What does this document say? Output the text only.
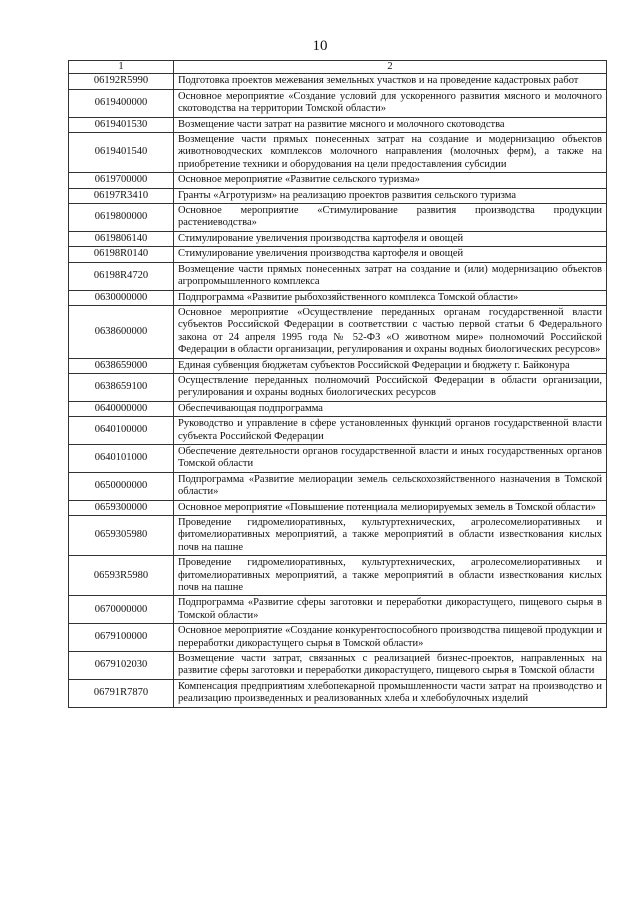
10
1	2
06192R5990	Подготовка проектов межевания земельных участков и на проведение кадастровых работ
0619400000	Основное мероприятие «Создание условий для ускоренного развития мясного и молочного скотоводства на территории Томской области»
0619401530	Возмещение части затрат на развитие мясного и молочного скотоводства
0619401540	Возмещение части прямых понесенных затрат на создание и модернизацию объектов животноводческих комплексов молочного направления (молочных ферм), а также на приобретение техники и оборудования на цели предоставления субсидии
0619700000	Основное мероприятие «Развитие сельского туризма»
06197R3410	Гранты «Агротуризм» на реализацию проектов развития сельского туризма
0619800000	Основное мероприятие «Стимулирование развития производства продукции растениеводства»
0619806140	Стимулирование увеличения производства картофеля и овощей
06198R0140	Стимулирование увеличения производства картофеля и овощей
06198R4720	Возмещение части прямых понесенных затрат на создание и (или) модернизацию объектов агропромышленного комплекса
0630000000	Подпрограмма «Развитие рыбохозяйственного комплекса Томской области»
0638600000	Основное мероприятие «Осуществление переданных органам государственной власти субъектов Российской Федерации в соответствии с частью первой статьи 6 Федерального закона от 24 апреля 1995 года № 52-ФЗ «О животном мире» полномочий Российской Федерации в области организации, регулирования и охраны водных биологических ресурсов»
0638659000	Единая субвенция бюджетам субъектов Российской Федерации и бюджету г. Байконура
0638659100	Осуществление переданных полномочий Российской Федерации в области организации, регулирования и охраны водных биологических ресурсов
0640000000	Обеспечивающая подпрограмма
0640100000	Руководство и управление в сфере установленных функций органов государственной власти субъекта Российской Федерации
0640101000	Обеспечение деятельности органов государственной власти и иных государственных органов Томской области
0650000000	Подпрограмма «Развитие мелиорации земель сельскохозяйственного назначения в Томской области»
0659300000	Основное мероприятие «Повышение потенциала мелиорируемых земель в Томской области»
0659305980	Проведение гидромелиоративных, культуртехнических, агролесомелиоративных и фитомелиоративных мероприятий, а также мероприятий в области известкования кислых почв на пашне
06593R5980	Проведение гидромелиоративных, культуртехнических, агролесомелиоративных и фитомелиоративных мероприятий, а также мероприятий в области известкования кислых почв на пашне
0670000000	Подпрограмма «Развитие сферы заготовки и переработки дикорастущего, пищевого сырья в Томской области»
0679100000	Основное мероприятие «Создание конкурентоспособного производства пищевой продукции и переработки дикорастущего сырья в Томской области»
0679102030	Возмещение части затрат, связанных с реализацией бизнес-проектов, направленных на развитие сферы заготовки и переработки дикорастущего, пищевого сырья в Томской области
06791R7870	Компенсация предприятиям хлебопекарной промышленности части затрат на производство и реализацию произведенных и реализованных хлеба и хлебобулочных изделий
